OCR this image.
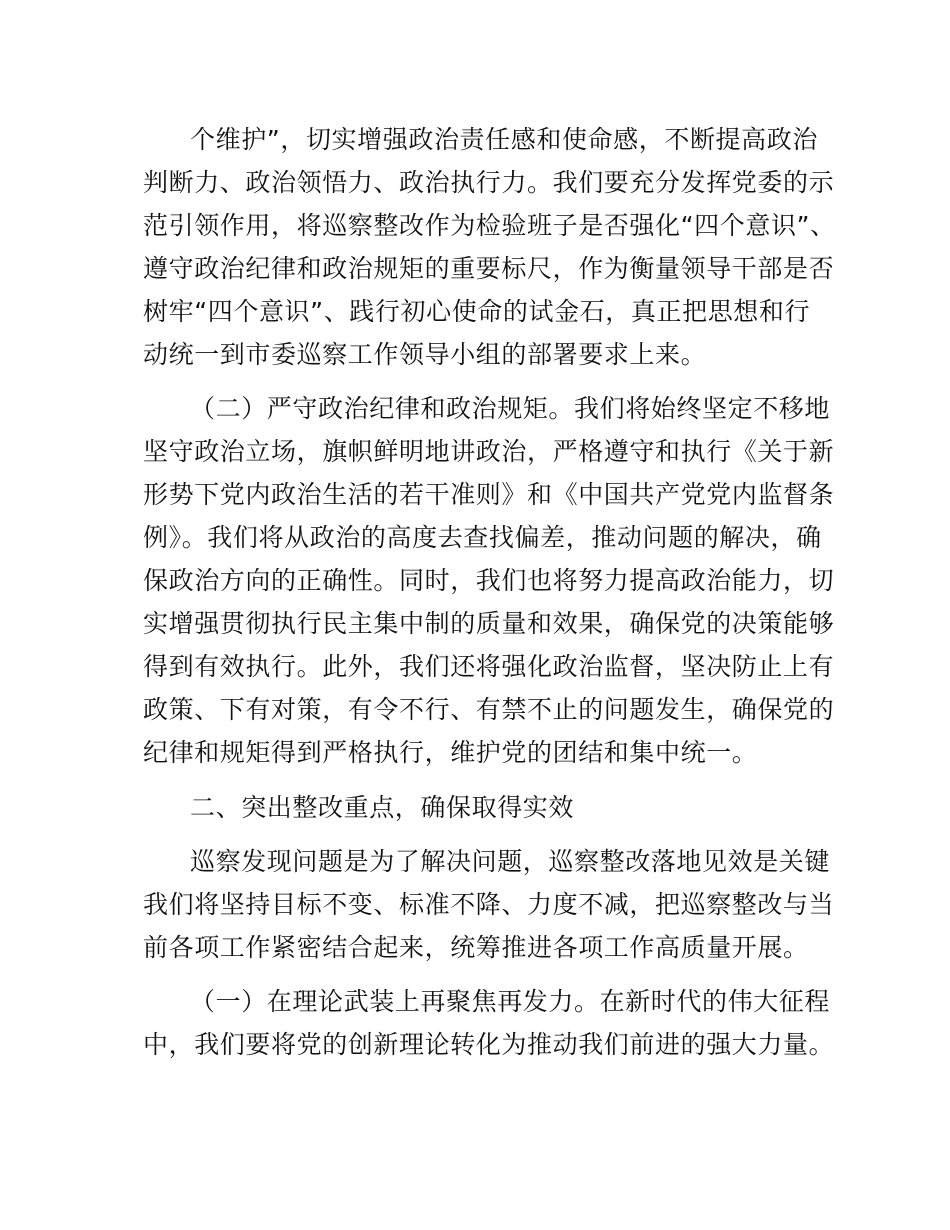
个维护”，切实增强政治责任感和使命感，不断提高政治
判断力、政治领悟力、政治执行力。我们要充分发挥党委的示
范引领作用，将巡察整改作为检验班子是否强化“四个意识”、
遵守政治纪律和政治规矩的重要标尺，作为衡量领导干部是否
树牢“四个意识”、践行初心使命的试金石，真正把思想和行
动统一到市委巡察工作领导小组的部署要求上来。
（二）严守政治纪律和政治规矩。我们将始终坚定不移地
坚守政治立场，旗帜鲜明地讲政治，严格遵守和执行《关于新
形势下党内政治生活的若干准则》和《中国共产党党内监督条
例》。我们将从政治的高度去查找偏差，推动问题的解决，确
保政治方向的正确性。同时，我们也将努力提高政治能力，切
实增强贯彻执行民主集中制的质量和效果，确保党的决策能够
得到有效执行。此外，我们还将强化政治监督，坚决防止上有
政策、下有对策，有令不行、有禁不止的问题发生，确保党的
纪律和规矩得到严格执行，维护党的团结和集中统一。
二、突出整改重点，确保取得实效
巡察发现问题是为了解决问题，巡察整改落地见效是关键
我们将坚持目标不变、标准不降、力度不减，把巡察整改与当
前各项工作紧密结合起来，统筹推进各项工作高质量开展。
（一）在理论武装上再聚焦再发力。在新时代的伟大征程
中，我们要将党的创新理论转化为推动我们前进的强大力量。
